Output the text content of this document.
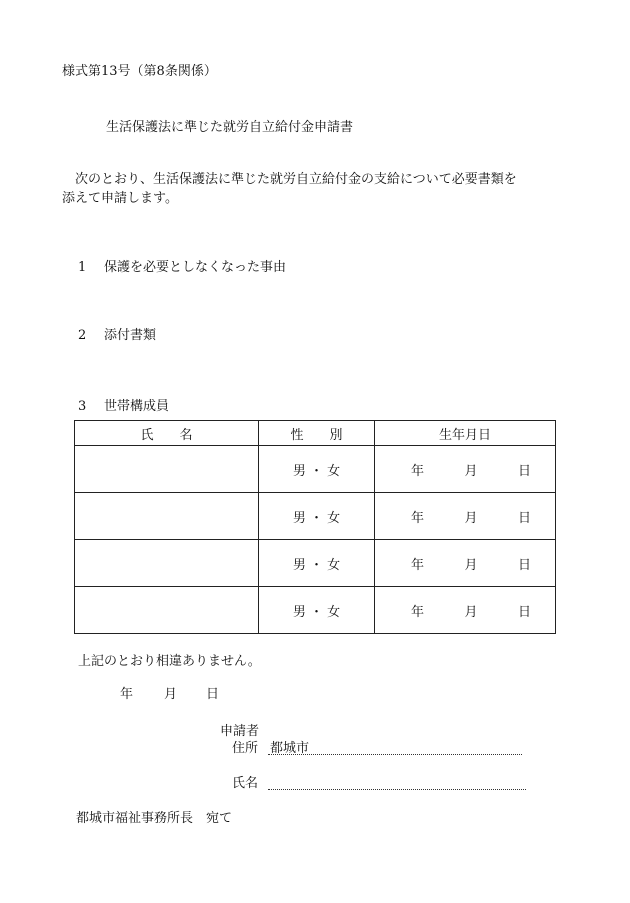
様式第13号（第8条関係）
生活保護法に準じた就労自立給付金申請書
次のとおり、生活保護法に準じた就労自立給付金の支給について必要書類を
添えて申請します。
1 保護を必要としなくなった事由
2 添付書類
3 世帯構成員
氏　　名	性　　別	生年月日
	男 ・ 女	年 月 日

	男 ・ 女	年 月 日

	男 ・ 女	年 月 日

	男 ・ 女	年 月 日
上記のとおり相違ありません。
年 月 日
申請者
住所 都城市
氏名
都城市福祉事務所長　宛て
